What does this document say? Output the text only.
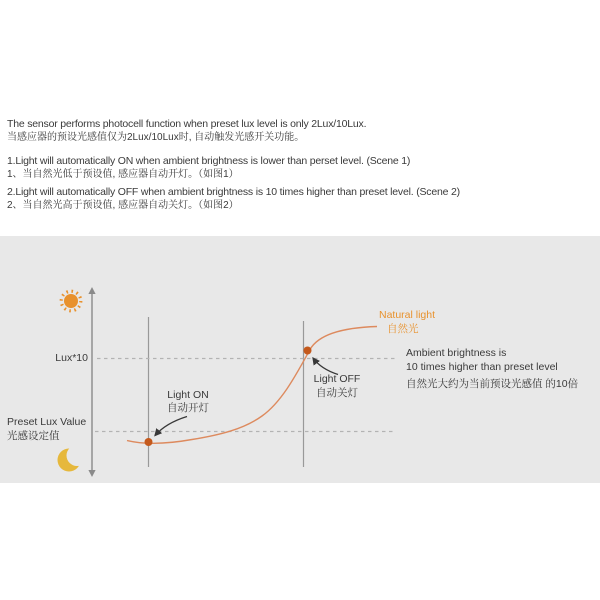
The sensor performs photocell function when preset lux level is only 2Lux/10Lux.
当感应器的预设光感值仅为2Lux/10Lux时, 自动触发光感开关功能。
1.Light will automatically ON when ambient brightness is lower than perset level. (Scene 1)
1、当自然光低于预设值, 感应器自动开灯。（如图1）
2.Light will automatically OFF when ambient brightness is 10 times higher than preset level. (Scene 2)
2、当自然光高于预设值, 感应器自动关灯。（如图2）
Lux*10
Preset Lux Value
光感设定值
Light ON
自动开灯
Light OFF
自动关灯
Natural light
自然光
Ambient brightness is
10 times higher than preset level
自然光大约为当前预设光感值 的10倍
